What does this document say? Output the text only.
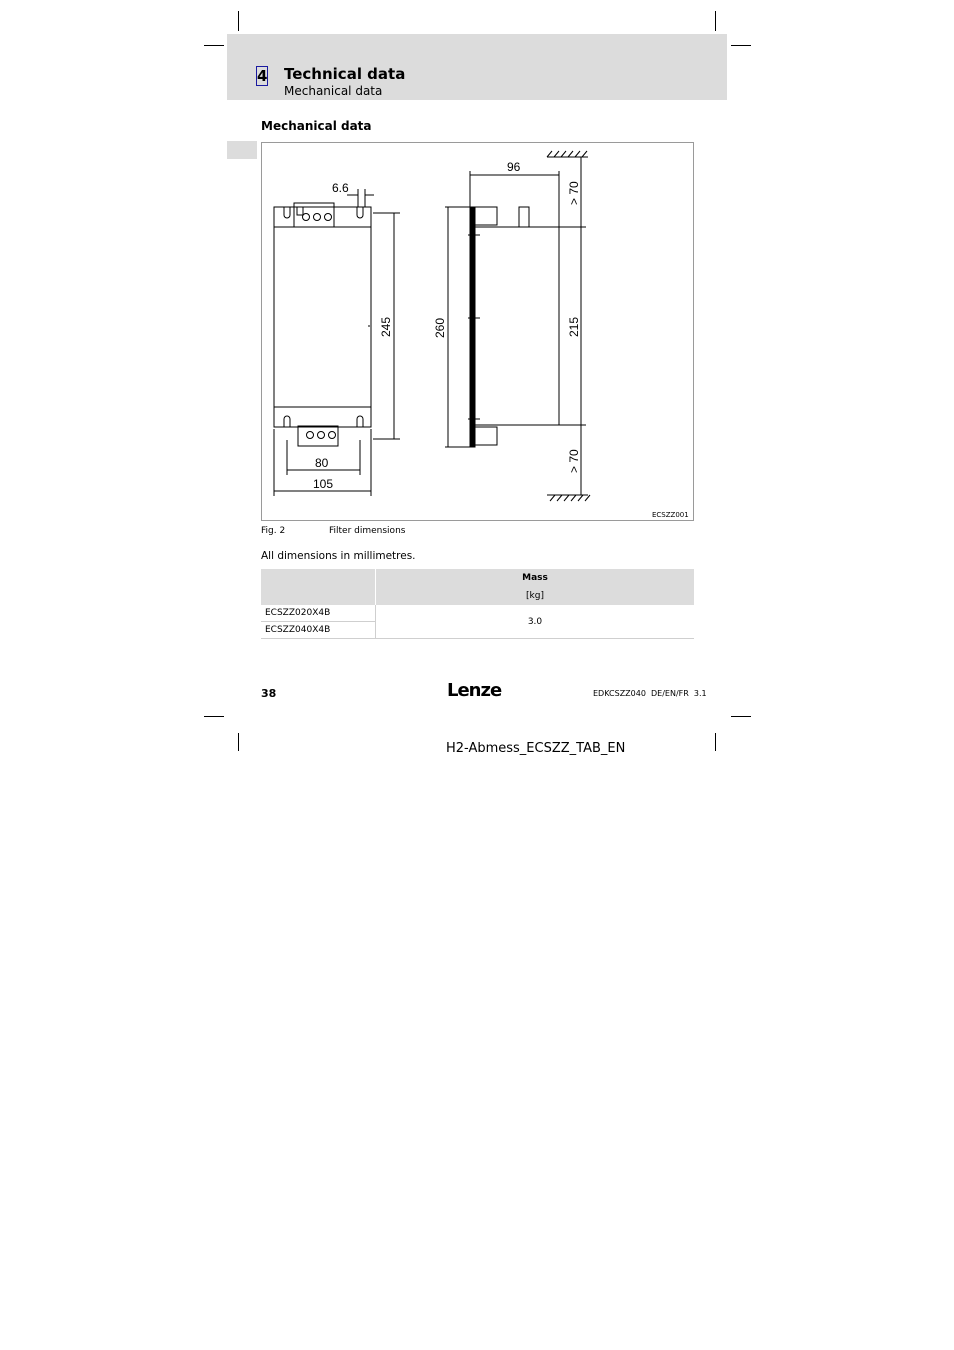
4 Technical data
Mechanical data
Mechanical data
6.6
245
80
105
260
96
> 70
215
> 70
ECSZZ001
Fig. 2	Filter dimensions
All dimensions in millimetres.

	Mass
[kg]

ECSZZ020X4B	3.0
ECSZZ040X4B	
38	Lenze	EDKCSZZ040  DE/EN/FR  3.1
H2-Abmess_ECSZZ_TAB_EN
